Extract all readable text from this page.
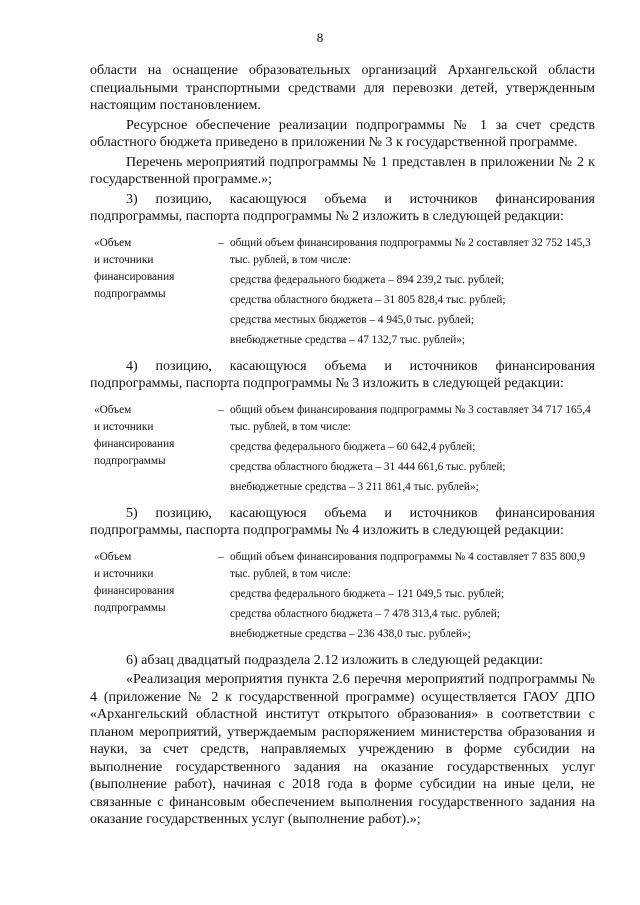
8

области на оснащение образовательных организаций Архангельской области специальными транспортными средствами для перевозки детей, утвержденным настоящим постановлением.

Ресурсное обеспечение реализации подпрограммы № 1 за счет средств областного бюджета приведено в приложении № 3 к государственной программе.

Перечень мероприятий подпрограммы № 1 представлен в приложении № 2 к государственной программе.»;

3) позицию, касающуюся объема и источников финансирования подпрограммы, паспорта подпрограммы № 2 изложить в следующей редакции:

«Объем
и источники
финансирования
подпрограммы
– общий объем финансирования подпрограммы № 2 составляет 32 752 145,3 тыс. рублей, в том числе:
средства федерального бюджета – 894 239,2 тыс. рублей;
средства областного бюджета – 31 805 828,4 тыс. рублей;
средства местных бюджетов – 4 945,0 тыс. рублей;
внебюджетные средства – 47 132,7 тыс. рублей»;

4) позицию, касающуюся объема и источников финансирования подпрограммы, паспорта подпрограммы № 3 изложить в следующей редакции:

«Объем
и источники
финансирования
подпрограммы
– общий объем финансирования подпрограммы № 3 составляет 34 717 165,4 тыс. рублей, в том числе:
средства федерального бюджета – 60 642,4 рублей;
средства областного бюджета – 31 444 661,6 тыс. рублей;
внебюджетные средства – 3 211 861,4 тыс. рублей»;

5) позицию, касающуюся объема и источников финансирования подпрограммы, паспорта подпрограммы № 4 изложить в следующей редакции:

«Объем
и источники
финансирования
подпрограммы
– общий объем финансирования подпрограммы № 4 составляет 7 835 800,9 тыс. рублей, в том числе:
средства федерального бюджета – 121 049,5 тыс. рублей;
средства областного бюджета – 7 478 313,4 тыс. рублей;
внебюджетные средства – 236 438,0 тыс. рублей»;

6) абзац двадцатый подраздела 2.12 изложить в следующей редакции:

«Реализация мероприятия пункта 2.6 перечня мероприятий подпрограммы № 4 (приложение № 2 к государственной программе) осуществляется ГАОУ ДПО «Архангельский областной институт открытого образования» в соответствии с планом мероприятий, утверждаемым распоряжением министерства образования и науки, за счет средств, направляемых учреждению в форме субсидии на выполнение государственного задания на оказание государственных услуг (выполнение работ), начиная с 2018 года в форме субсидии на иные цели, не связанные с финансовым обеспечением выполнения государственного задания на оказание государственных услуг (выполнение работ).»;
